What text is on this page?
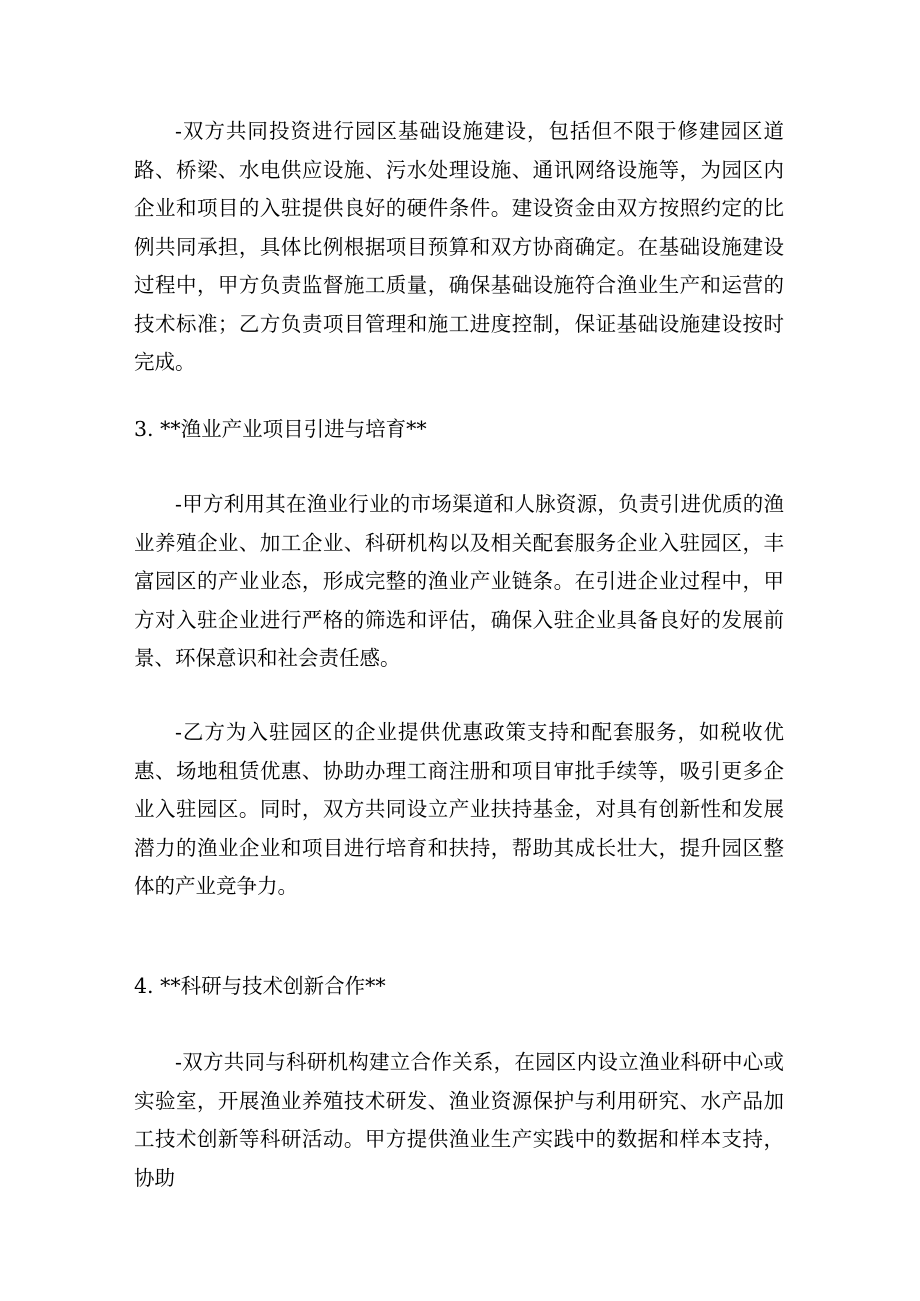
-双方共同投资进行园区基础设施建设，包括但不限于修建园区道路、桥梁、水电供应设施、污水处理设施、通讯网络设施等，为园区内企业和项目的入驻提供良好的硬件条件。建设资金由双方按照约定的比例共同承担，具体比例根据项目预算和双方协商确定。在基础设施建设过程中，甲方负责监督施工质量，确保基础设施符合渔业生产和运营的技术标准；乙方负责项目管理和施工进度控制，保证基础设施建设按时完成。

3. **渔业产业项目引进与培育**

-甲方利用其在渔业行业的市场渠道和人脉资源，负责引进优质的渔业养殖企业、加工企业、科研机构以及相关配套服务企业入驻园区，丰富园区的产业业态，形成完整的渔业产业链条。在引进企业过程中，甲方对入驻企业进行严格的筛选和评估，确保入驻企业具备良好的发展前景、环保意识和社会责任感。

-乙方为入驻园区的企业提供优惠政策支持和配套服务，如税收优惠、场地租赁优惠、协助办理工商注册和项目审批手续等，吸引更多企业入驻园区。同时，双方共同设立产业扶持基金，对具有创新性和发展潜力的渔业企业和项目进行培育和扶持，帮助其成长壮大，提升园区整体的产业竞争力。

4. **科研与技术创新合作**

-双方共同与科研机构建立合作关系，在园区内设立渔业科研中心或实验室，开展渔业养殖技术研发、渔业资源保护与利用研究、水产品加工技术创新等科研活动。甲方提供渔业生产实践中的数据和样本支持，协助
